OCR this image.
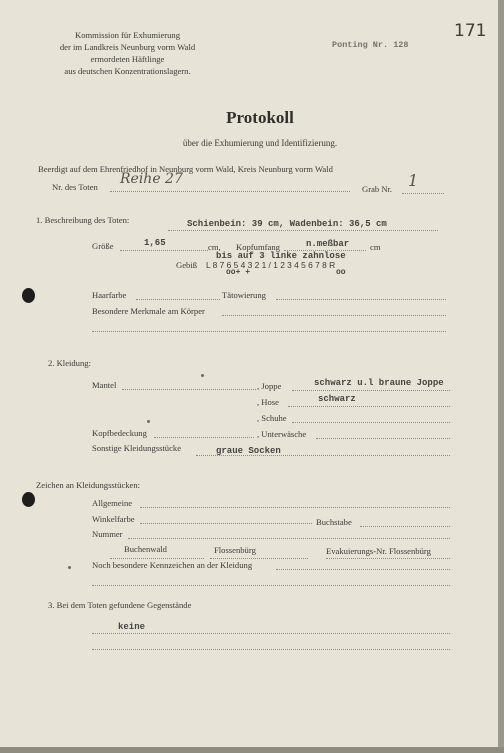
Kommission für Exhumierung
der im Landkreis Neunburg vorm Wald
ermordeten Häftlinge
aus deutschen Konzentrationslagern.
Ponting Nr. 128
171
Protokoll
über die Exhumierung und Identifizierung.
Beerdigt auf dem Ehrenfriedhof in Neunburg vorm Wald, Kreis Neunburg vorm Wald
Nr. des Toten Reihe 27
Grab Nr. 1
1. Beschreibung des Toten:	Schienbein: 39 cm, Wadenbein: 36,5 cm
Größe	1,65	cm, Kopfumfang	n.meßbar cm
bis auf 3 linke zahnlose
Gebiß L 8 7 6 5 4 3 2 1 / 1 2 3 4 5 6 7 8 R
oo+ +	oo
Haarfarbe	Tätowierung
Besondere Merkmale am Körper
2. Kleidung:
Mantel	, Joppe	schwarz u.l braune Joppe
, Hose	schwarz
, Schuhe
Kopfbedeckung	, Unterwäsche
Sonstige Kleidungsstücke	graue Socken
Zeichen an Kleidungsstücken:
Allgemeine
Winkelfarbe	Buchstabe
Nummer
Buchenwald	Flossenbürg	Evakuierungs-Nr. Flossenbürg
Noch besondere Kennzeichen an der Kleidung
3. Bei dem Toten gefundene Gegenstände
keine
